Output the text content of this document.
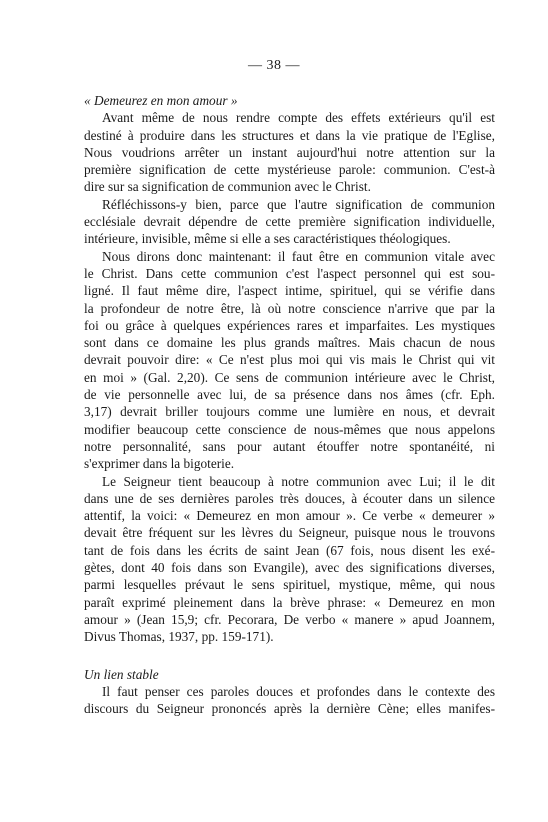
— 38 —
« Demeurez en mon amour »
Avant même de nous rendre compte des effets extérieurs qu'il est
destiné à produire dans les structures et dans la vie pratique de l'Eglise,
Nous voudrions arrêter un instant aujourd'hui notre attention sur la
première signification de cette mystérieuse parole: communion. C'est-à
dire sur sa signification de communion avec le Christ.
Réfléchissons-y bien, parce que l'autre signification de communion
ecclésiale devrait dépendre de cette première signification individuelle,
intérieure, invisible, même si elle a ses caractéristiques théologiques.
Nous dirons donc maintenant: il faut être en communion vitale avec
le Christ. Dans cette communion c'est l'aspect personnel qui est sou-
ligné. Il faut même dire, l'aspect intime, spirituel, qui se vérifie dans
la profondeur de notre être, là où notre conscience n'arrive que par la
foi ou grâce à quelques expériences rares et imparfaites. Les mystiques
sont dans ce domaine les plus grands maîtres. Mais chacun de nous
devrait pouvoir dire: « Ce n'est plus moi qui vis mais le Christ qui vit
en moi » (Gal. 2,20). Ce sens de communion intérieure avec le Christ,
de vie personnelle avec lui, de sa présence dans nos âmes (cfr. Eph.
3,17) devrait briller toujours comme une lumière en nous, et devrait
modifier beaucoup cette conscience de nous-mêmes que nous appelons
notre personnalité, sans pour autant étouffer notre spontanéité, ni
s'exprimer dans la bigoterie.
Le Seigneur tient beaucoup à notre communion avec Lui; il le dit
dans une de ses dernières paroles très douces, à écouter dans un silence
attentif, la voici: « Demeurez en mon amour ». Ce verbe « demeurer »
devait être fréquent sur les lèvres du Seigneur, puisque nous le trouvons
tant de fois dans les écrits de saint Jean (67 fois, nous disent les exé-
gètes, dont 40 fois dans son Evangile), avec des significations diverses,
parmi lesquelles prévaut le sens spirituel, mystique, même, qui nous
paraît exprimé pleinement dans la brève phrase: « Demeurez en mon
amour » (Jean 15,9; cfr. Pecorara, De verbo « manere » apud Joannem,
Divus Thomas, 1937, pp. 159-171).
Un lien stable
Il faut penser ces paroles douces et profondes dans le contexte des
discours du Seigneur prononcés après la dernière Cène; elles manifes-
